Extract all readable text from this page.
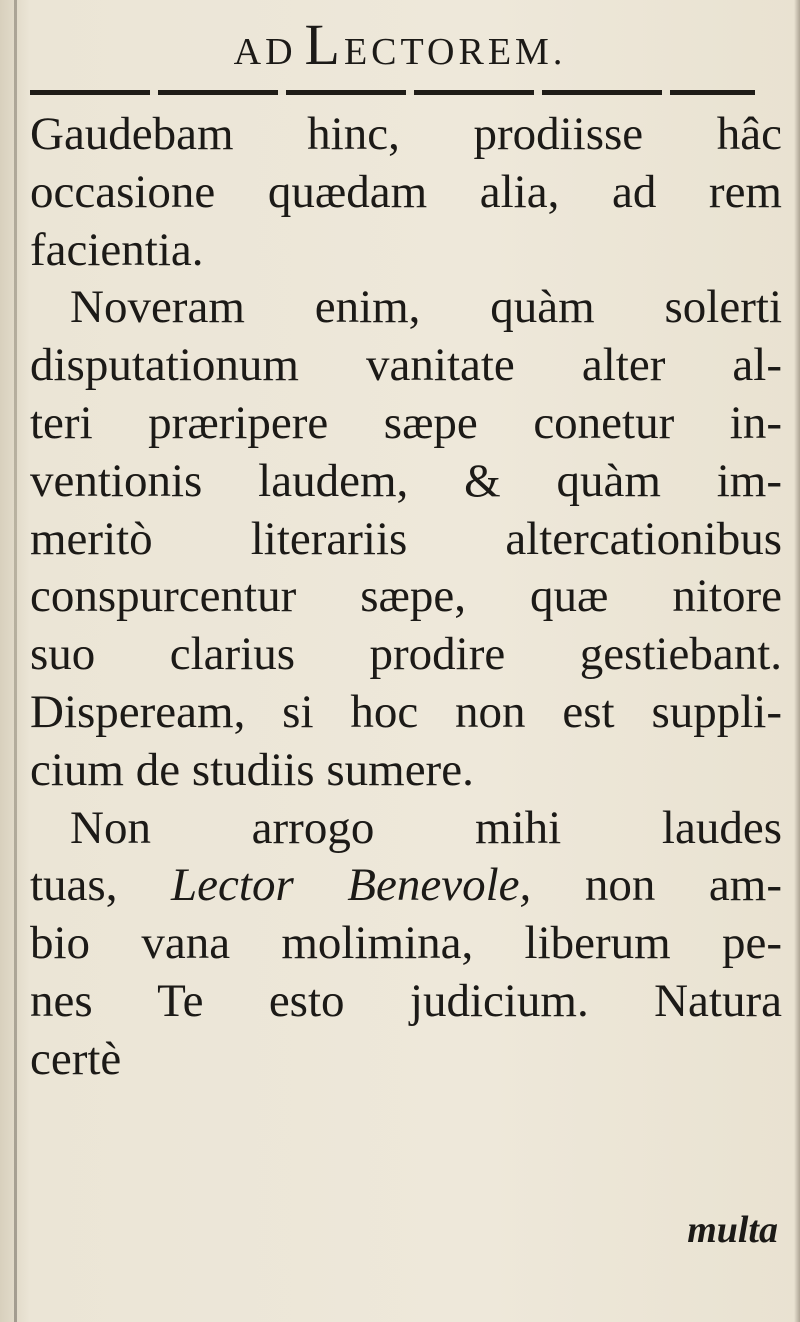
AD LECTOREM.
Gaudebam hinc, prodiisse hâc
occasione quædam alia, ad rem
facientia.
Noveram enim, quàm solerti
disputationum vanitate alter al-
teri præripere sæpe conetur in-
ventionis laudem, & quàm im-
meritò literariis altercationibus
conspurcentur sæpe, quæ nitore
suo clarius prodire gestiebant.
Dispeream, si hoc non est suppli-
cium de studiis sumere.
Non arrogo mihi laudes
tuas, Lector Benevole, non am-
bio vana molimina, liberum pe-
nes Te esto judicium. Natura
certè
multa
